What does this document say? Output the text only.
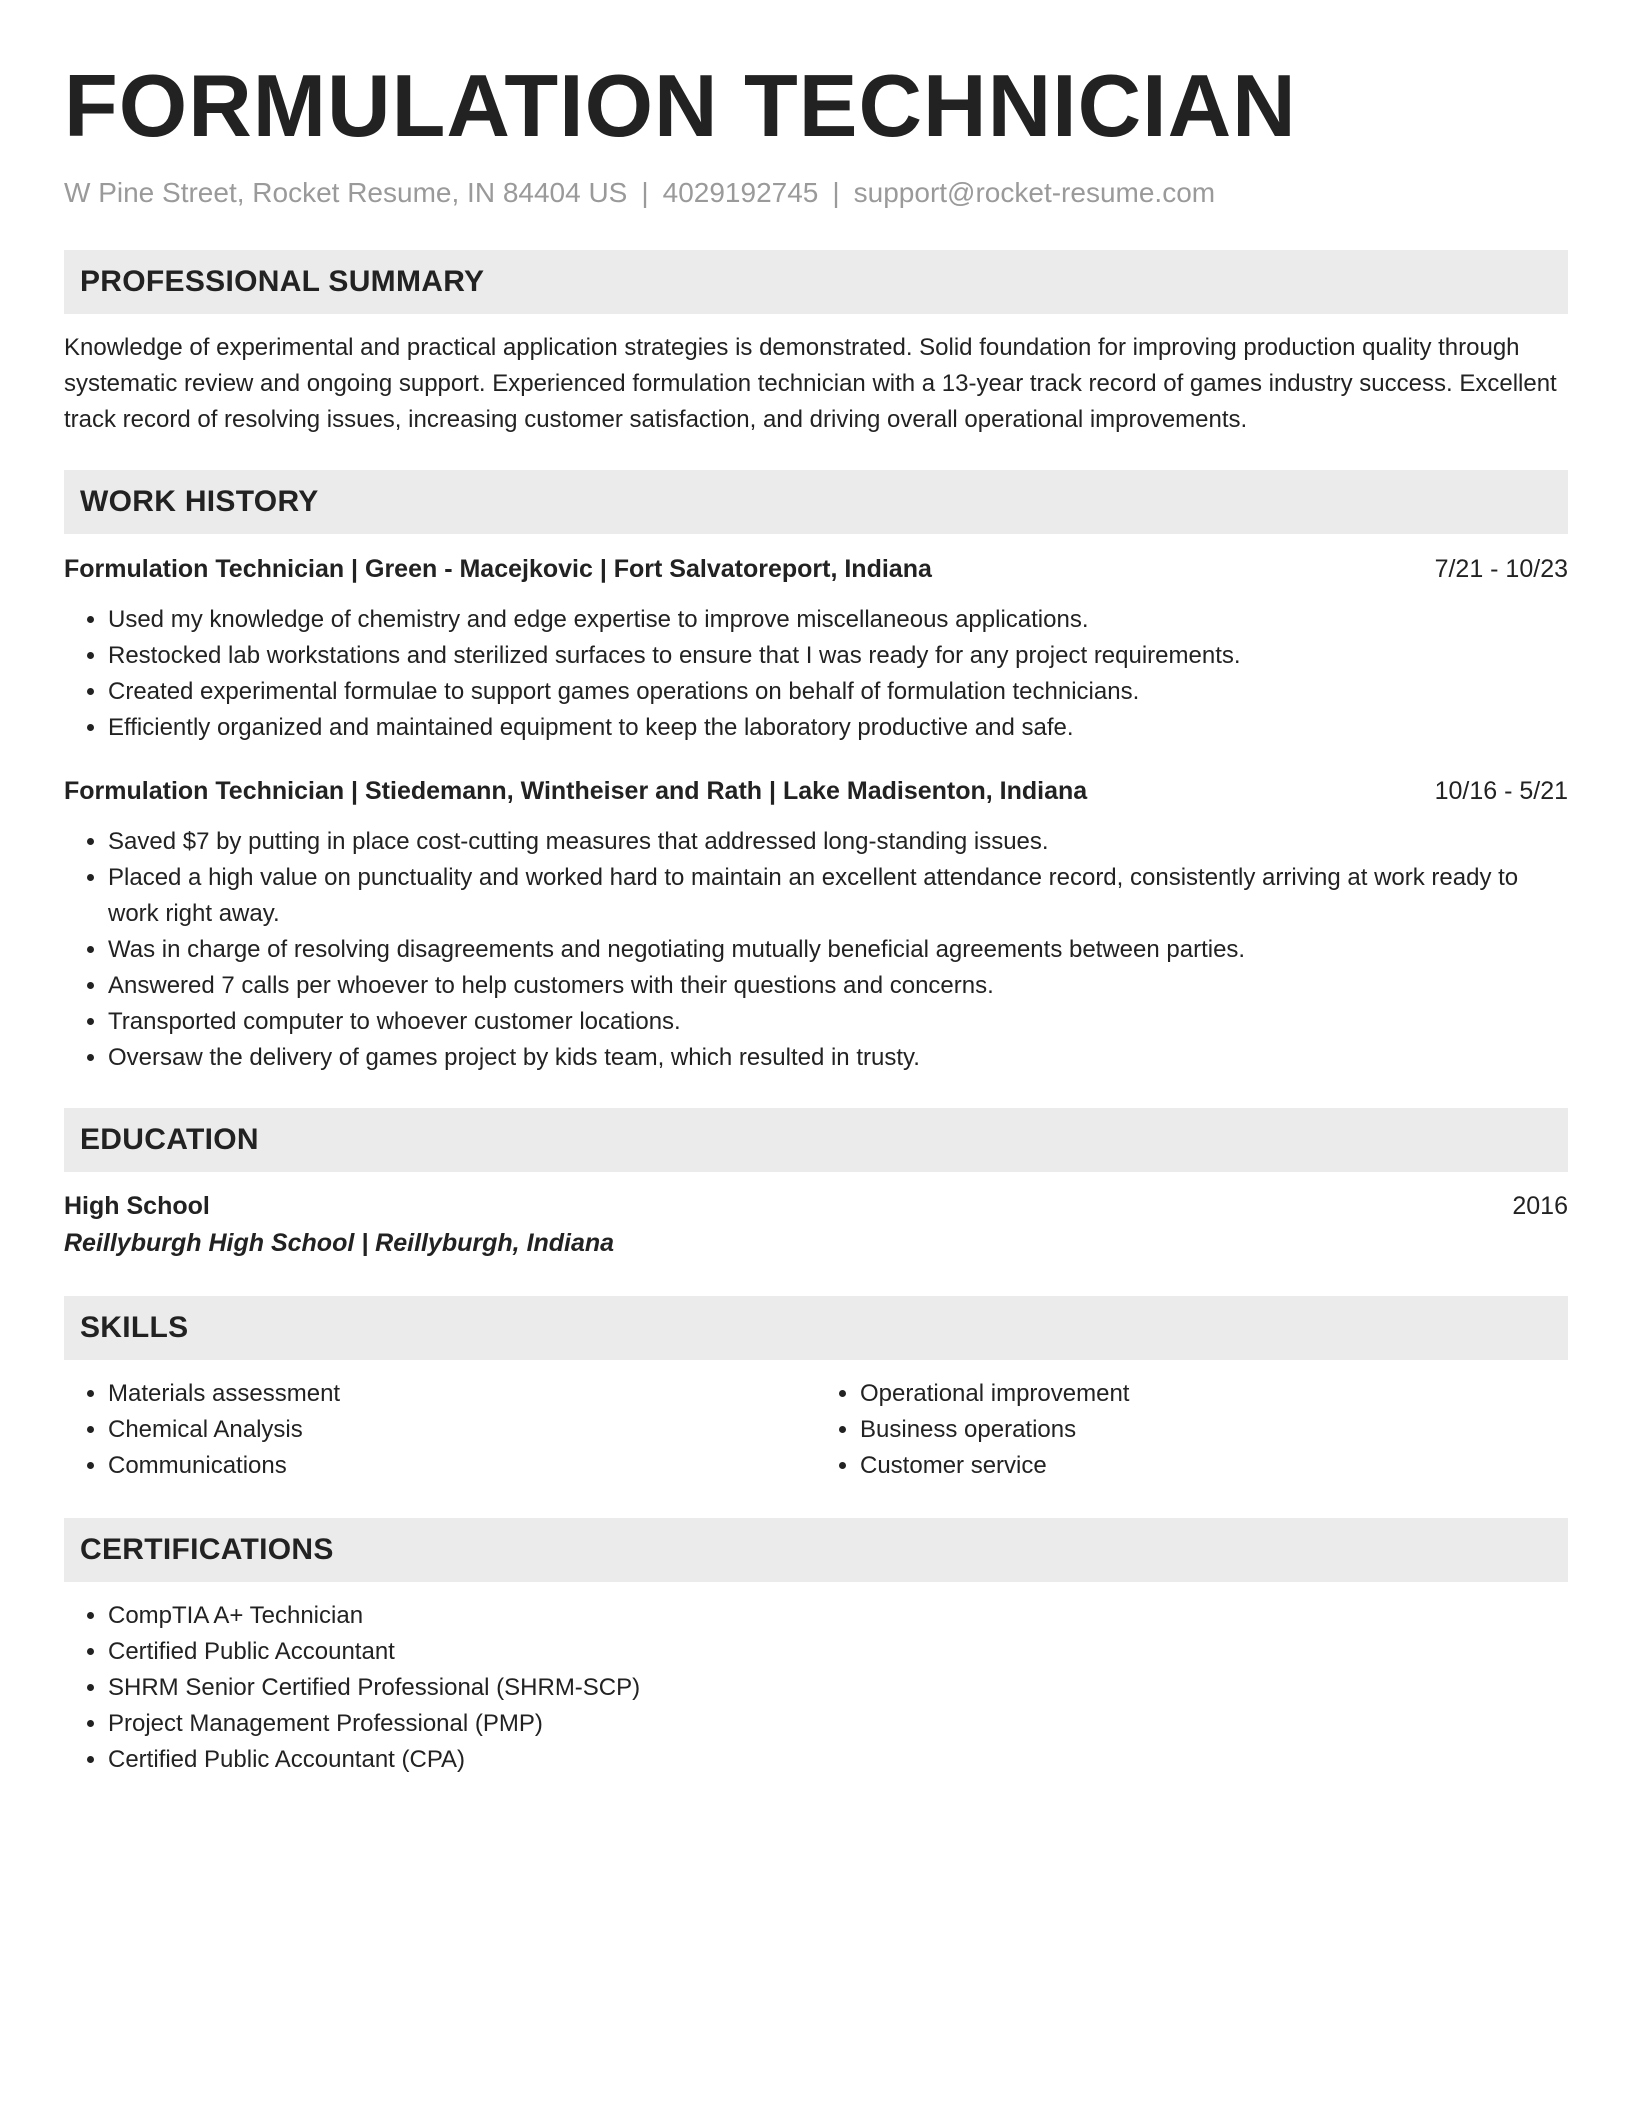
FORMULATION TECHNICIAN
W Pine Street, Rocket Resume, IN 84404 US | 4029192745 | support@rocket-resume.com
PROFESSIONAL SUMMARY
Knowledge of experimental and practical application strategies is demonstrated. Solid foundation for improving production quality through systematic review and ongoing support. Experienced formulation technician with a 13-year track record of games industry success. Excellent track record of resolving issues, increasing customer satisfaction, and driving overall operational improvements.
WORK HISTORY
Formulation Technician | Green - Macejkovic | Fort Salvatoreport, Indiana	7/21 - 10/23
• Used my knowledge of chemistry and edge expertise to improve miscellaneous applications.
• Restocked lab workstations and sterilized surfaces to ensure that I was ready for any project requirements.
• Created experimental formulae to support games operations on behalf of formulation technicians.
• Efficiently organized and maintained equipment to keep the laboratory productive and safe.
Formulation Technician | Stiedemann, Wintheiser and Rath | Lake Madisenton, Indiana	10/16 - 5/21
• Saved $7 by putting in place cost-cutting measures that addressed long-standing issues.
• Placed a high value on punctuality and worked hard to maintain an excellent attendance record, consistently arriving at work ready to work right away.
• Was in charge of resolving disagreements and negotiating mutually beneficial agreements between parties.
• Answered 7 calls per whoever to help customers with their questions and concerns.
• Transported computer to whoever customer locations.
• Oversaw the delivery of games project by kids team, which resulted in trusty.
EDUCATION
High School	2016
Reillyburgh High School | Reillyburgh, Indiana
SKILLS
• Materials assessment
• Chemical Analysis
• Communications
• Operational improvement
• Business operations
• Customer service
CERTIFICATIONS
• CompTIA A+ Technician
• Certified Public Accountant
• SHRM Senior Certified Professional (SHRM-SCP)
• Project Management Professional (PMP)
• Certified Public Accountant (CPA)
